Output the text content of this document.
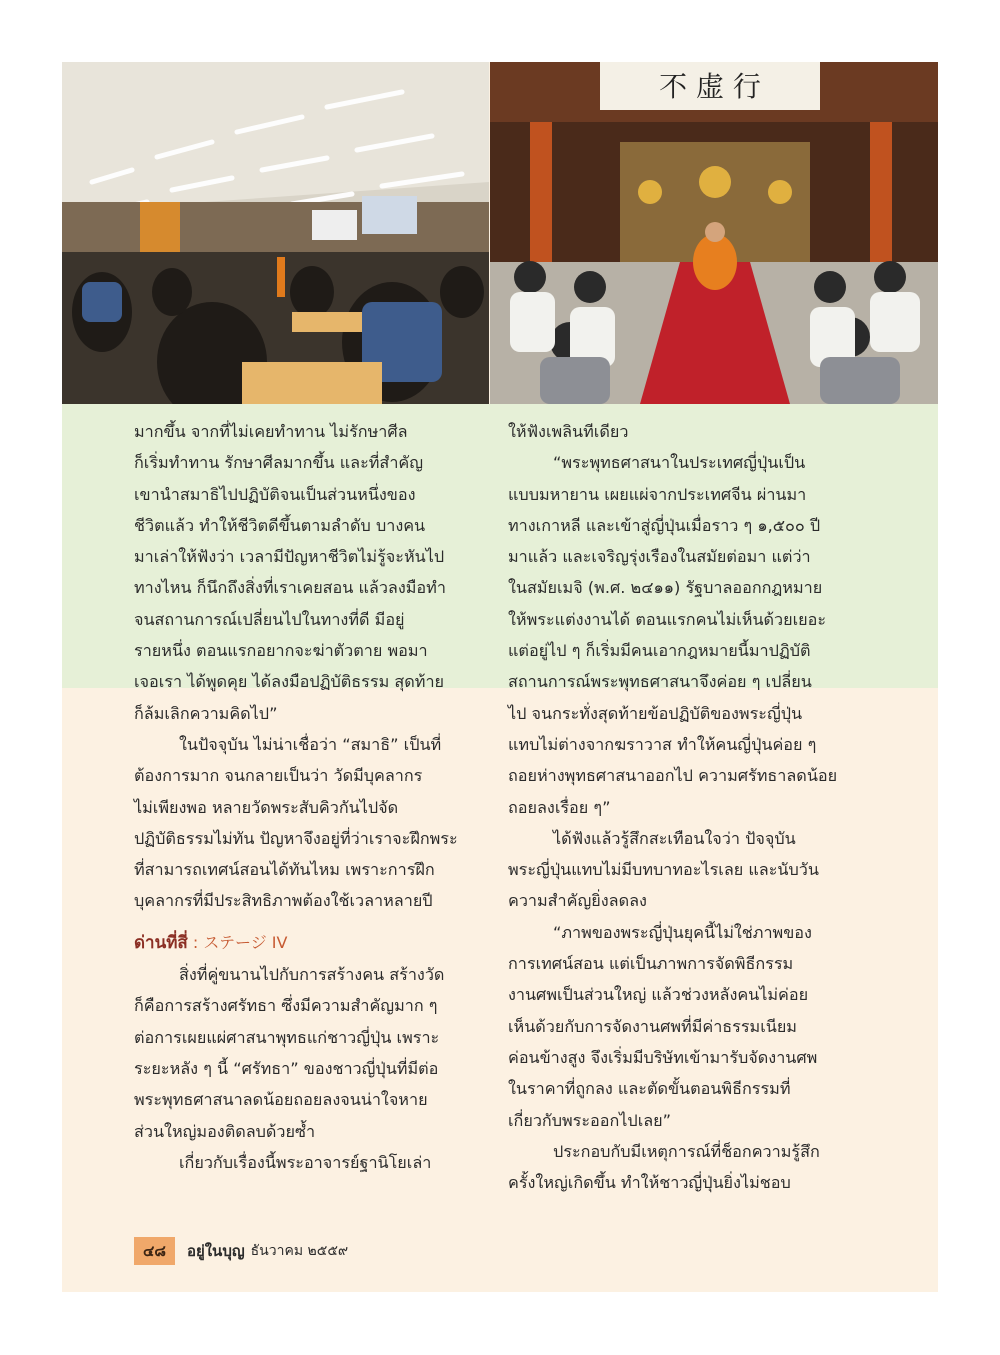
不 虚 行

มากขึ้น จากที่ไม่เคยทำทาน ไม่รักษาศีล

ก็เริ่มทำทาน รักษาศีลมากขึ้น และที่สำคัญ

เขานำสมาธิไปปฏิบัติจนเป็นส่วนหนึ่งของ

ชีวิตแล้ว ทำให้ชีวิตดีขึ้นตามลำดับ บางคน

มาเล่าให้ฟังว่า เวลามีปัญหาชีวิตไม่รู้จะหันไป

ทางไหน ก็นึกถึงสิ่งที่เราเคยสอน แล้วลงมือทำ

จนสถานการณ์เปลี่ยนไปในทางที่ดี มีอยู่

รายหนึ่ง ตอนแรกอยากจะฆ่าตัวตาย พอมา

เจอเรา ได้พูดคุย ได้ลงมือปฏิบัติธรรม สุดท้าย

ก็ล้มเลิกความคิดไป”

ในปัจจุบัน ไม่น่าเชื่อว่า “สมาธิ” เป็นที่

ต้องการมาก จนกลายเป็นว่า วัดมีบุคลากร

ไม่เพียงพอ หลายวัดพระสับคิวกันไปจัด

ปฏิบัติธรรมไม่ทัน ปัญหาจึงอยู่ที่ว่าเราจะฝึกพระ

ที่สามารถเทศน์สอนได้ทันไหม เพราะการฝึก

บุคลากรที่มีประสิทธิภาพต้องใช้เวลาหลายปี

ด่านที่สี่ : ステージ IV

สิ่งที่คู่ขนานไปกับการสร้างคน สร้างวัด

ก็คือการสร้างศรัทธา ซึ่งมีความสำคัญมาก ๆ

ต่อการเผยแผ่ศาสนาพุทธแก่ชาวญี่ปุ่น เพราะ

ระยะหลัง ๆ นี้ “ศรัทธา” ของชาวญี่ปุ่นที่มีต่อ

พระพุทธศาสนาลดน้อยถอยลงจนน่าใจหาย

ส่วนใหญ่มองติดลบด้วยซ้ำ

เกี่ยวกับเรื่องนี้พระอาจารย์ฐานิโยเล่า

ให้ฟังเพลินทีเดียว

“พระพุทธศาสนาในประเทศญี่ปุ่นเป็น

แบบมหายาน เผยแผ่จากประเทศจีน ผ่านมา

ทางเกาหลี และเข้าสู่ญี่ปุ่นเมื่อราว ๆ ๑,๕๐๐ ปี

มาแล้ว และเจริญรุ่งเรืองในสมัยต่อมา แต่ว่า

ในสมัยเมจิ (พ.ศ. ๒๔๑๑) รัฐบาลออกกฎหมาย

ให้พระแต่งงานได้ ตอนแรกคนไม่เห็นด้วยเยอะ

แต่อยู่ไป ๆ ก็เริ่มมีคนเอากฎหมายนี้มาปฏิบัติ

สถานการณ์พระพุทธศาสนาจึงค่อย ๆ เปลี่ยน

ไป จนกระทั่งสุดท้ายข้อปฏิบัติของพระญี่ปุ่น

แทบไม่ต่างจากฆราวาส ทำให้คนญี่ปุ่นค่อย ๆ

ถอยห่างพุทธศาสนาออกไป ความศรัทธาลดน้อย

ถอยลงเรื่อย ๆ”

ได้ฟังแล้วรู้สึกสะเทือนใจว่า ปัจจุบัน

พระญี่ปุ่นแทบไม่มีบทบาทอะไรเลย และนับวัน

ความสำคัญยิ่งลดลง

“ภาพของพระญี่ปุ่นยุคนี้ไม่ใช่ภาพของ

การเทศน์สอน แต่เป็นภาพการจัดพิธีกรรม

งานศพเป็นส่วนใหญ่ แล้วช่วงหลังคนไม่ค่อย

เห็นด้วยกับการจัดงานศพที่มีค่าธรรมเนียม

ค่อนข้างสูง จึงเริ่มมีบริษัทเข้ามารับจัดงานศพ

ในราคาที่ถูกลง และตัดขั้นตอนพิธีกรรมที่

เกี่ยวกับพระออกไปเลย”

ประกอบกับมีเหตุการณ์ที่ช็อกความรู้สึก

ครั้งใหญ่เกิดขึ้น ทำให้ชาวญี่ปุ่นยิ่งไม่ชอบ

๔๘	อยู่ในบุญ ธันวาคม ๒๕๕๙
